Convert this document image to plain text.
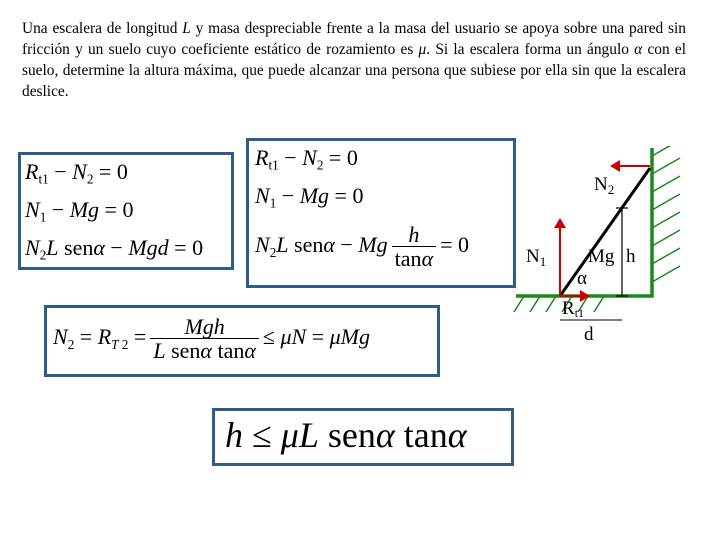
Una escalera de longitud L y masa despreciable frente a la masa del usuario se apoya sobre una pared sin fricción y un suelo cuyo coeficiente estático de rozamiento es μ. Si la escalera forma un ángulo α con el suelo, determine la altura máxima, que puede alcanzar una persona que subiese por ella sin que la escalera deslice.

$R_{t1} - N_2 = 0$
$N_1 - Mg = 0$
$N_2L$ senα − Mgd = 0
$R_{t1} - N_2 = 0$
$N_1 - Mg = 0$
$N_2L$ senα − Mg $\frac{h}{\tan\alpha} = 0$
$N_2 = R_{T 2} = \frac{\text{Mgh}}{\text{L senα tanα}} \le \mu N = \mu Mg$
h ≤ μL senα tanα
$N_2$
$N_1$ Mg h
α
Rt1
d
